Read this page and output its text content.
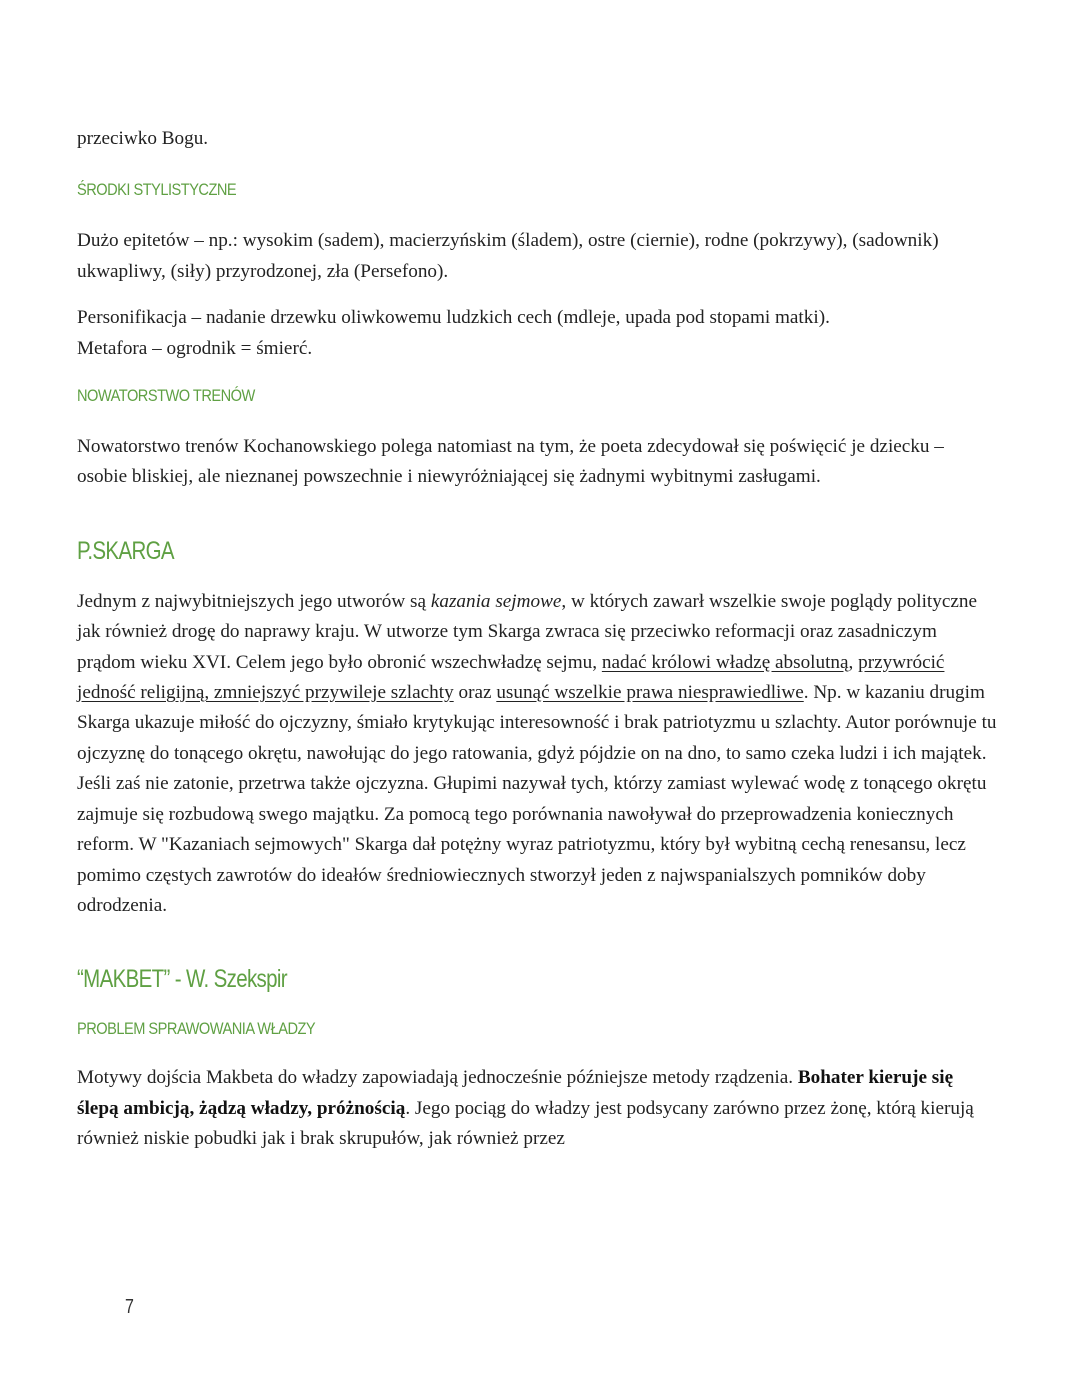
przeciwko Bogu.

ŚRODKI STYLISTYCZNE

Dużo epitetów – np.: wysokim (sadem), macierzyńskim (śladem), ostre (ciernie), rodne (pokrzywy), (sadownik) ukwapliwy, (siły) przyrodzonej, zła (Persefono).

Personifikacja – nadanie drzewku oliwkowemu ludzkich cech (mdleje, upada pod stopami matki).
Metafora – ogrodnik = śmierć.

NOWATORSTWO TRENÓW

Nowatorstwo trenów Kochanowskiego polega natomiast na tym, że poeta zdecydował się poświęcić je dziecku – osobie bliskiej, ale nieznanej powszechnie i niewyróżniającej się żadnymi wybitnymi zasługami.

P.SKARGA

Jednym z najwybitniejszych jego utworów są kazania sejmowe, w których zawarł wszelkie swoje poglądy polityczne jak również drogę do naprawy kraju. W utworze tym Skarga zwraca się przeciwko reformacji oraz zasadniczym prądom wieku XVI. Celem jego było obronić wszechwładzę sejmu, nadać królowi władzę absolutną, przywrócić jedność religijną, zmniejszyć przywileje szlachty oraz usunąć wszelkie prawa niesprawiedliwe. Np. w kazaniu drugim Skarga ukazuje miłość do ojczyzny, śmiało krytykując interesowność i brak patriotyzmu u szlachty. Autor porównuje tu ojczyznę do tonącego okrętu, nawołując do jego ratowania, gdyż pójdzie on na dno, to samo czeka ludzi i ich majątek. Jeśli zaś nie zatonie, przetrwa także ojczyzna. Głupimi nazywał tych, którzy zamiast wylewać wodę z tonącego okrętu zajmuje się rozbudową swego majątku. Za pomocą tego porównania nawoływał do przeprowadzenia koniecznych reform. W "Kazaniach sejmowych" Skarga dał potężny wyraz patriotyzmu, który był wybitną cechą renesansu, lecz pomimo częstych zawrotów do ideałów średniowiecznych stworzył jeden z najwspanialszych pomników doby odrodzenia.

“MAKBET” - W. Szekspir
PROBLEM SPRAWOWANIA WŁADZY

Motywy dojścia Makbeta do władzy zapowiadają jednocześnie późniejsze metody rządzenia. Bohater kieruje się ślepą ambicją, żądzą władzy, próżnością. Jego pociąg do władzy jest podsycany zarówno przez żonę, którą kierują również niskie pobudki jak i brak skrupułów, jak również przez

7
